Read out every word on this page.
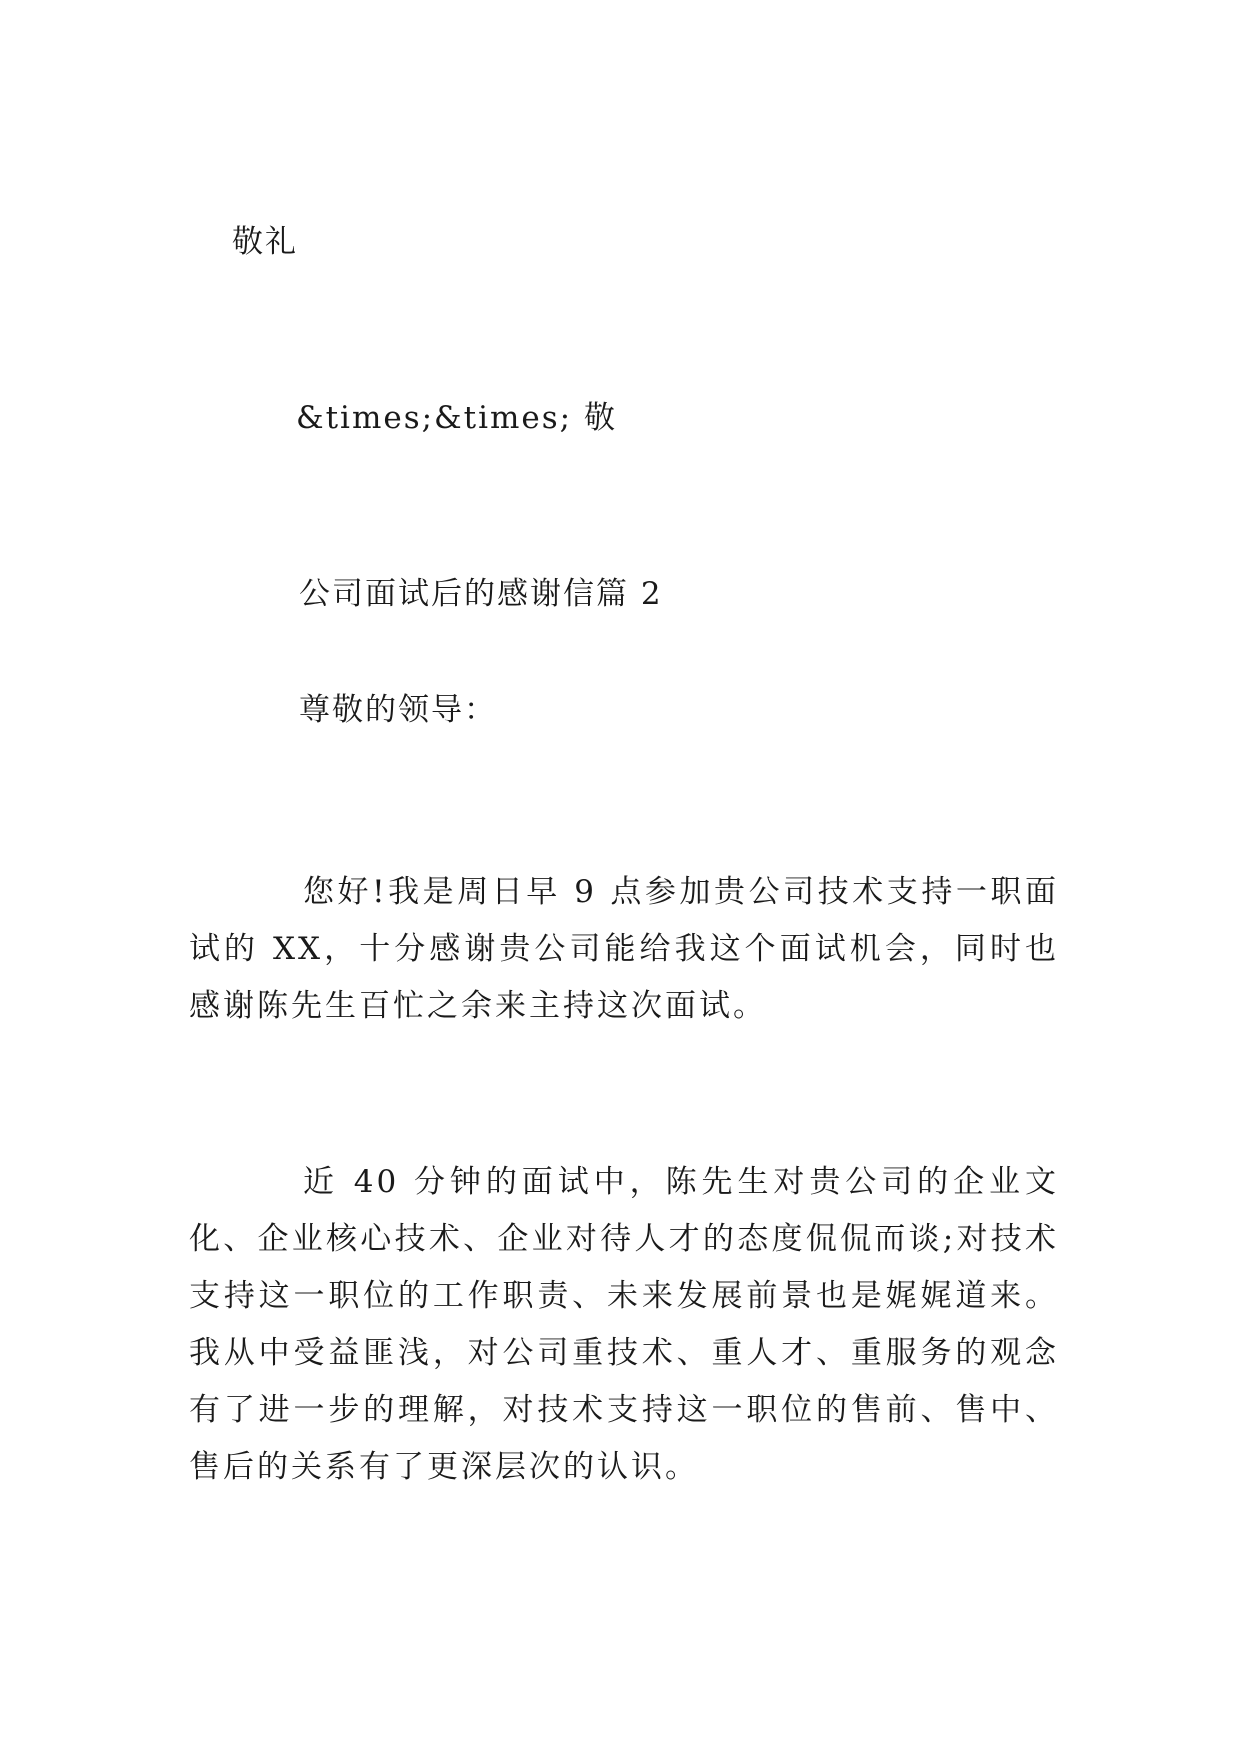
敬礼
&times;&times; 敬
公司面试后的感谢信篇 2
尊敬的领导：
您好!我是周日早 9 点参加贵公司技术支持一职面试的 XX，十分感谢贵公司能给我这个面试机会，同时也感谢陈先生百忙之余来主持这次面试。
近 40 分钟的面试中，陈先生对贵公司的企业文化、企业核心技术、企业对待人才的态度侃侃而谈;对技术支持这一职位的工作职责、未来发展前景也是娓娓道来。我从中受益匪浅，对公司重技术、重人才、重服务的观念有了进一步的理解，对技术支持这一职位的售前、售中、售后的关系有了更深层次的认识。
